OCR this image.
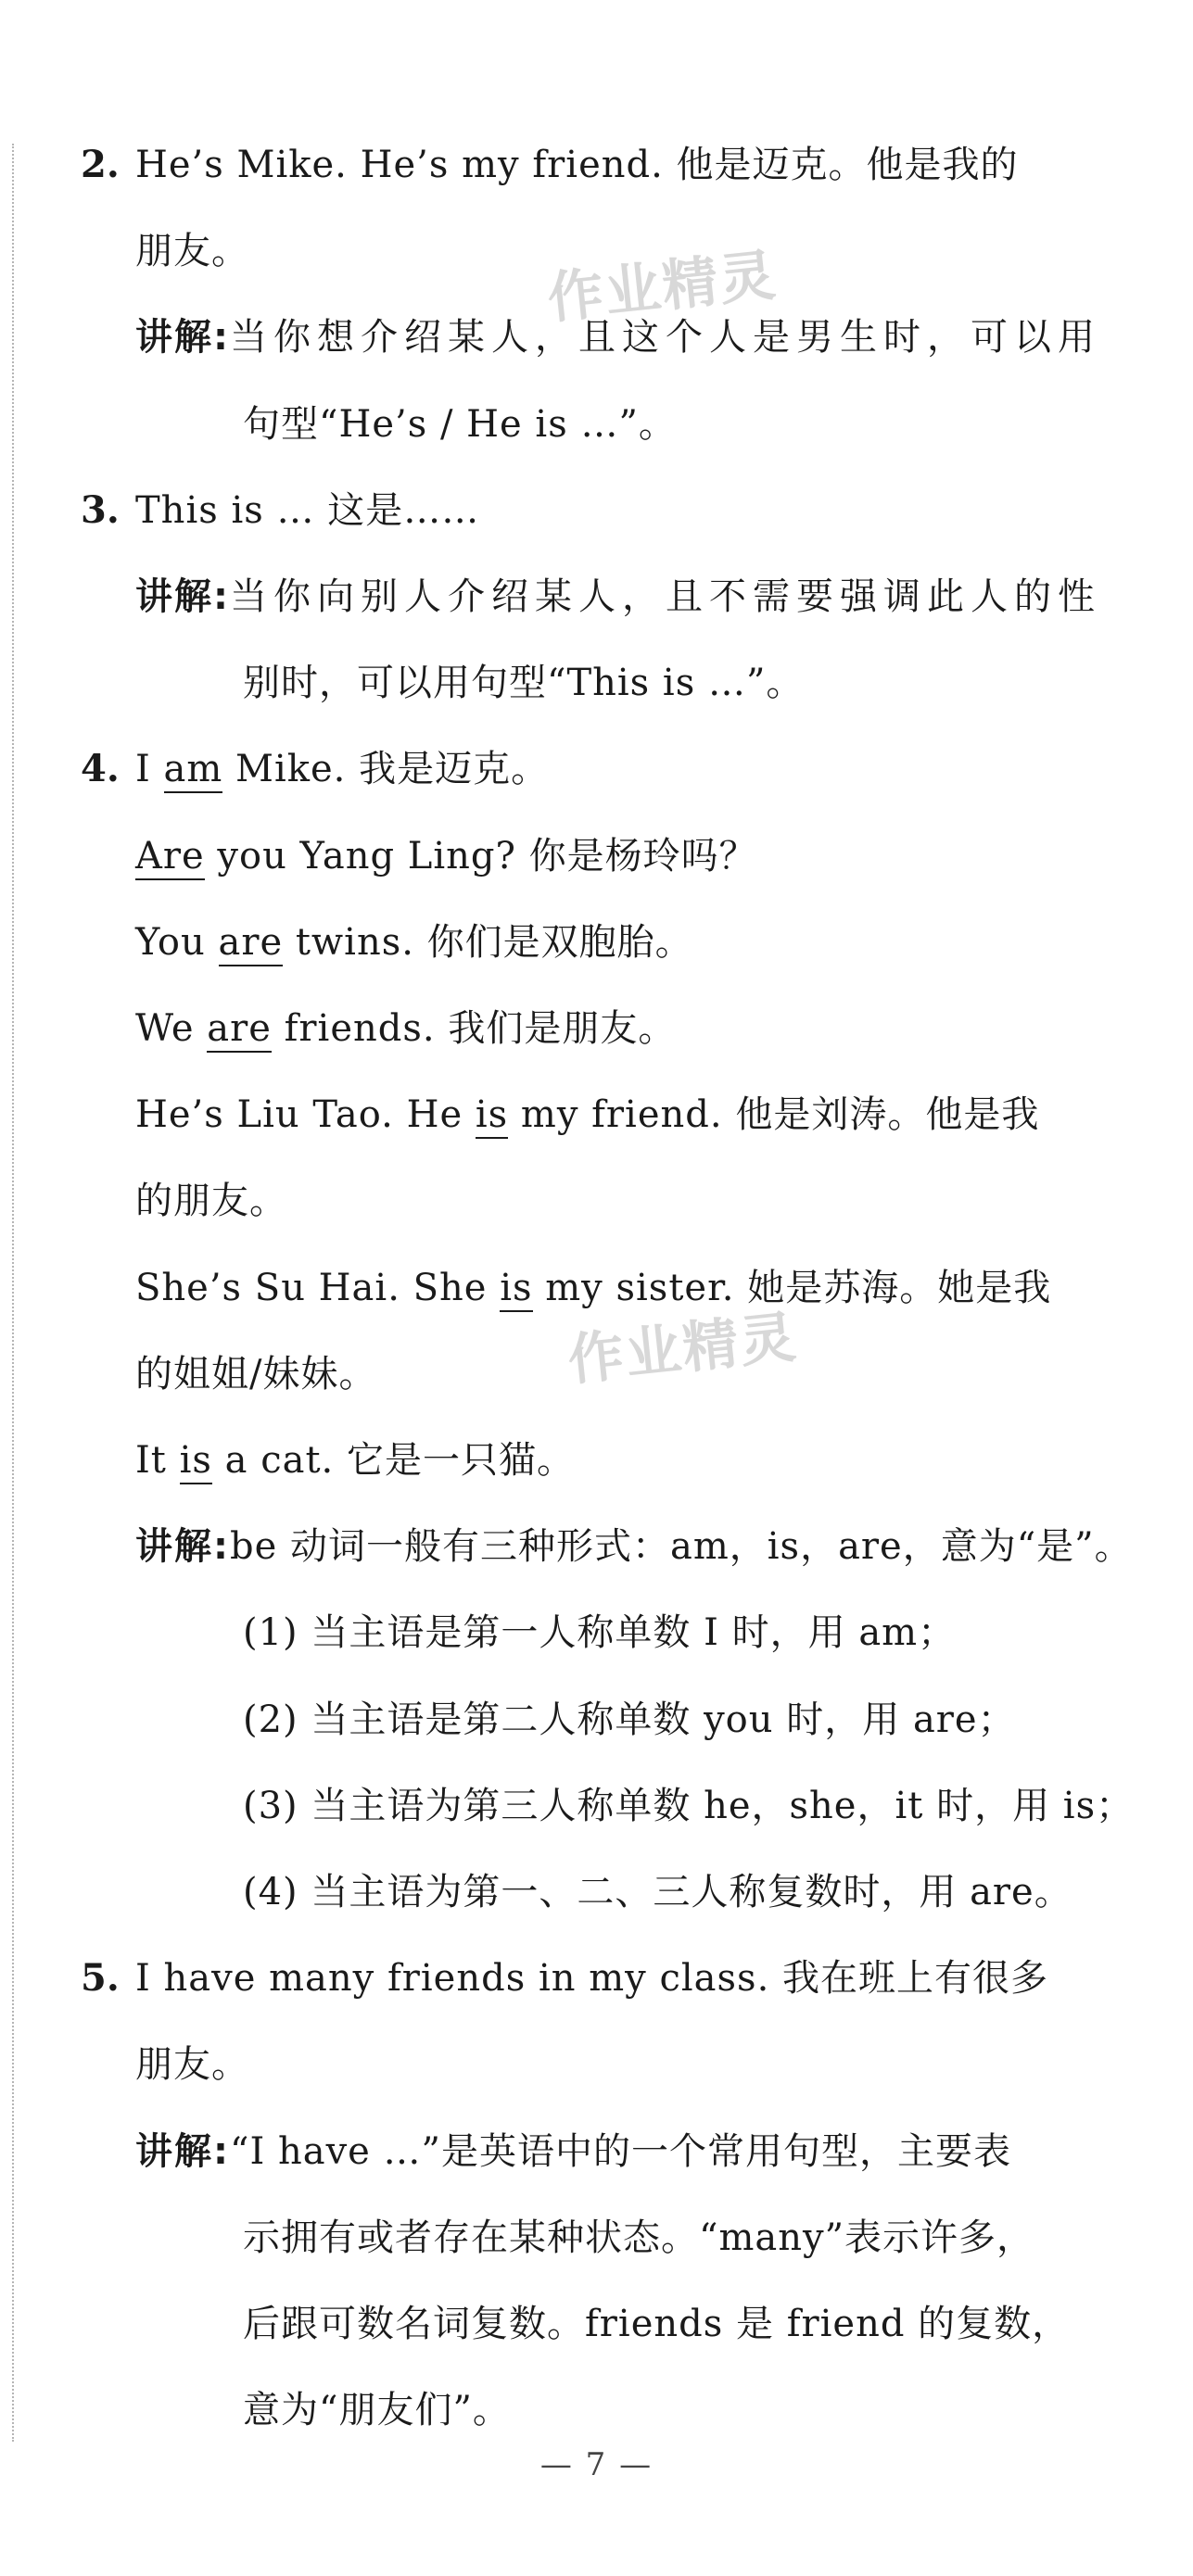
作业精灵
作业精灵
2. He’s Mike. He’s my friend. 他是迈克。他是我的
朋友。
讲解:当你想介绍某人，且这个人是男生时，可以用
句型“He’s / He is …”。
3. This is … 这是……
讲解:当你向别人介绍某人，且不需要强调此人的性
别时，可以用句型“This is …”。
4. I am Mike. 我是迈克。
Are you Yang Ling? 你是杨玲吗？
You are twins. 你们是双胞胎。
We are friends. 我们是朋友。
He’s Liu Tao. He is my friend. 他是刘涛。他是我
的朋友。
She’s Su Hai. She is my sister. 她是苏海。她是我
的姐姐/妹妹。
It is a cat. 它是一只猫。
讲解:be 动词一般有三种形式：am，is，are，意为“是”。
(1) 当主语是第一人称单数 I 时，用 am；
(2) 当主语是第二人称单数 you 时，用 are；
(3) 当主语为第三人称单数 he，she，it 时，用 is；
(4) 当主语为第一、二、三人称复数时，用 are。
5. I have many friends in my class. 我在班上有很多
朋友。
讲解:“I have …”是英语中的一个常用句型，主要表
示拥有或者存在某种状态。“many”表示许多，
后跟可数名词复数。friends 是 friend 的复数，
意为“朋友们”。
— 7 —
